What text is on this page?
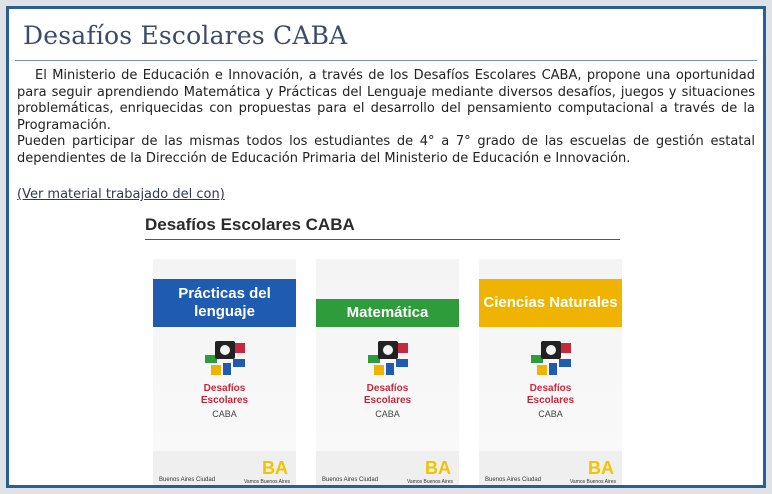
Desafíos Escolares CABA

El Ministerio de Educación e Innovación, a través de los Desafíos Escolares CABA, propone una oportunidad para seguir aprendiendo Matemática y Prácticas del Lenguaje mediante diversos desafíos, juegos y situaciones problemáticas, enriquecidas con propuestas para el desarrollo del pensamiento computacional a través de la Programación.

Pueden participar de las mismas todos los estudiantes de 4° a 7° grado de las escuelas de gestión estatal dependientes de la Dirección de Educación Primaria del Ministerio de Educación e Innovación.

(Ver material trabajado del con)
Desafíos Escolares CABA
Prácticas del lenguaje
Desafíos
Escolares
CABA
Buenos Aires Ciudad
BA
Vamos Buenos Aires
Matemática
Desafíos
Escolares
CABA
Buenos Aires Ciudad
BA
Vamos Buenos Aires
Ciencias Naturales
Desafíos
Escolares
CABA
Buenos Aires Ciudad
BA
Vamos Buenos Aires
